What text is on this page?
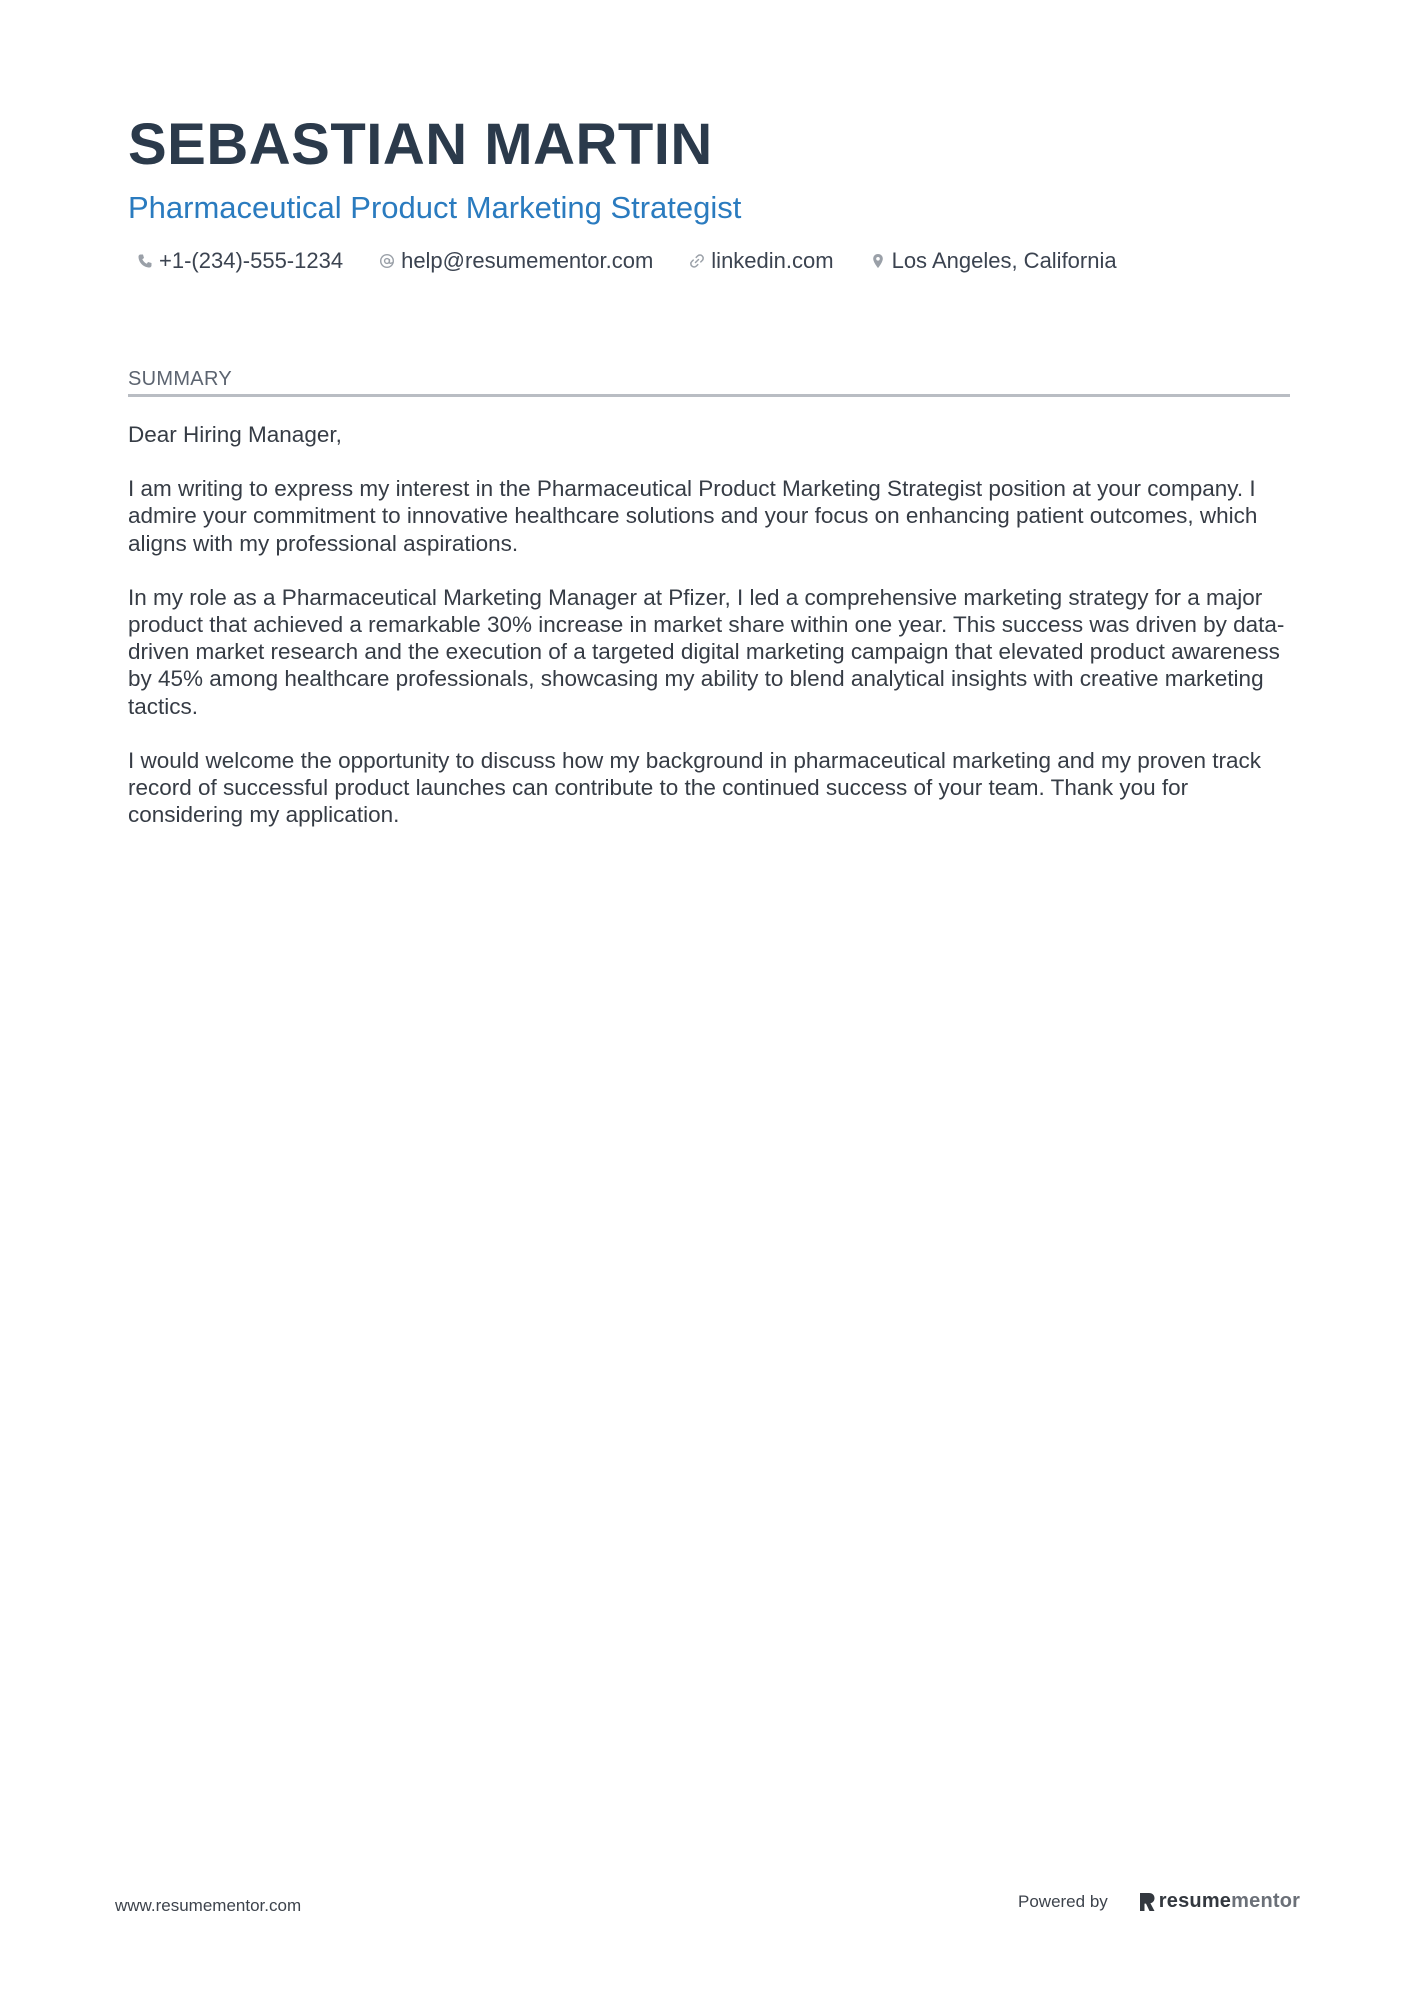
SEBASTIAN MARTIN
Pharmaceutical Product Marketing Strategist
+1-(234)-555-1234	help@resumementor.com	linkedin.com	Los Angeles, California
SUMMARY

Dear Hiring Manager,

I am writing to express my interest in the Pharmaceutical Product Marketing Strategist position at your company. I admire your commitment to innovative healthcare solutions and your focus on enhancing patient outcomes, which aligns with my professional aspirations.

In my role as a Pharmaceutical Marketing Manager at Pfizer, I led a comprehensive marketing strategy for a major product that achieved a remarkable 30% increase in market share within one year. This success was driven by data-driven market research and the execution of a targeted digital marketing campaign that elevated product awareness by 45% among healthcare professionals, showcasing my ability to blend analytical insights with creative marketing tactics.

I would welcome the opportunity to discuss how my background in pharmaceutical marketing and my proven track record of successful product launches can contribute to the continued success of your team. Thank you for considering my application.

www.resumementor.com	Powered by	resume mentor
